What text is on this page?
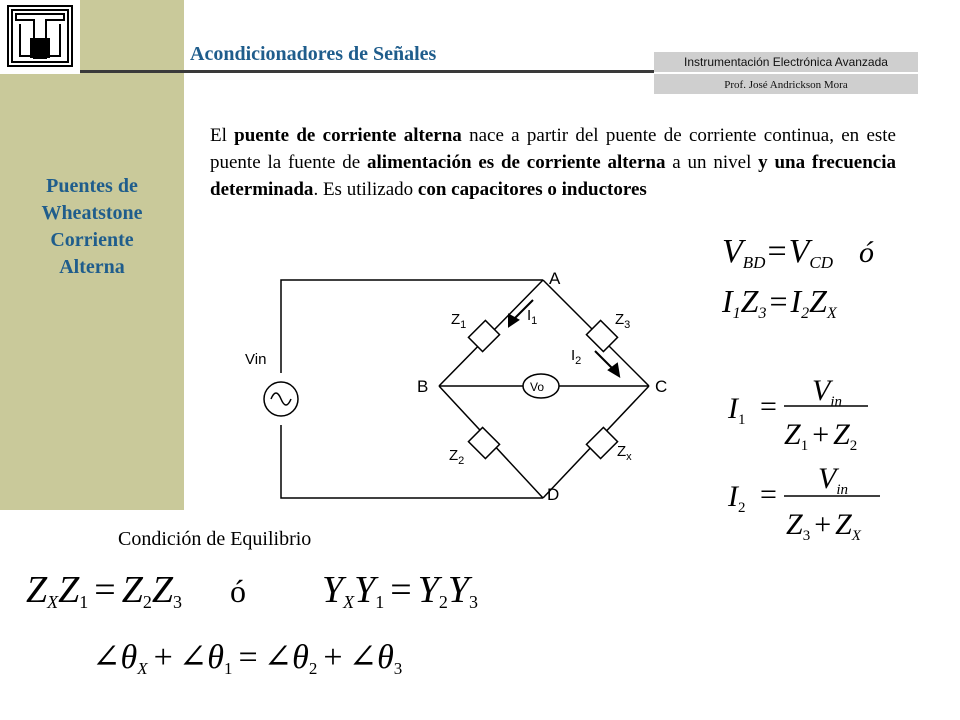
Puentes de
Wheatstone
Corriente
Alterna
Acondicionadores de Señales	Instrumentación Electrónica Avanzada
Prof. José Andrickson Mora
El puente de corriente alterna nace a partir del puente de corriente continua, en este puente la fuente de alimentación es de corriente alterna a un nivel y una frecuencia determinada. Es utilizado con capacitores o inductores
Vin
Vo
A
B	C
D
$Z_1$	$Z_3$
$Z_2$
$Z_x$
$I_1$
$I_2$
VBD=VCD ó
I1Z3=I2ZX
$I_1 = V_{in}$
$Z_1 + Z_2$
$I_2 = V_{in}$
$Z_3 + Z_X$
Condición de Equilibrio
ZXZ1 = Z2Z3 ó YXY1 = Y2Y3
∠θX + ∠θ1 = ∠θ2 + ∠θ3
